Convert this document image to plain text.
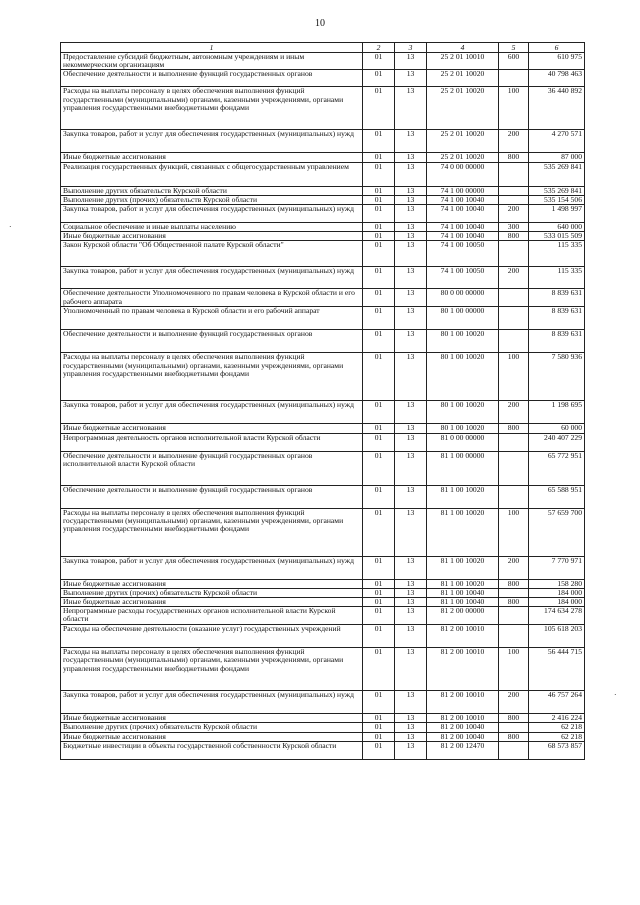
10
.
.
1	2	3	4	5	6
Предоставление субсидий бюджетным, автономным учреждениям и иным некоммерческим организациям	01	13	25 2 01 10010	600	610 975
Обеспечение деятельности и выполнение функций государственных органов	01	13	25 2 01 10020		40 798 463
Расходы на выплаты персоналу в целях обеспечения выполнения функций государственными (муниципальными) органами, казенными учреждениями, органами управления государственными внебюджетными фондами	01	13	25 2 01 10020	100	36 440 892
Закупка товаров, работ и услуг для обеспечения государственных (муниципальных) нужд	01	13	25 2 01 10020	200	4 270 571
Иные бюджетные ассигнования	01	13	25 2 01 10020	800	87 000
Реализация государственных функций, связанных с общегосударственным управлением	01	13	74 0 00 00000		535 269 841
Выполнение других обязательств Курской области	01	13	74 1 00 00000		535 269 841
Выполнение других (прочих) обязательств Курской области	01	13	74 1 00 10040		535 154 506
Закупка товаров, работ и услуг для обеспечения государственных (муниципальных) нужд	01	13	74 1 00 10040	200	1 498 997
Социальное обеспечение и иные выплаты населению	01	13	74 1 00 10040	300	640 000
Иные бюджетные ассигнования	01	13	74 1 00 10040	800	533 015 509
Закон Курской области "Об Общественной палате Курской области"	01	13	74 1 00 10050		115 335
Закупка товаров, работ и услуг для обеспечения государственных (муниципальных) нужд	01	13	74 1 00 10050	200	115 335
Обеспечение деятельности Уполномоченного по правам человека в Курской области и его рабочего аппарата	01	13	80 0 00 00000		8 839 631
Уполномоченный по правам человека в Курской области и его рабочий аппарат	01	13	80 1 00 00000		8 839 631
Обеспечение деятельности и выполнение функций государственных органов	01	13	80 1 00 10020		8 839 631
Расходы на выплаты персоналу в целях обеспечения выполнения функций государственными (муниципальными) органами, казенными учреждениями, органами управления государственными внебюджетными фондами	01	13	80 1 00 10020	100	7 580 936
Закупка товаров, работ и услуг для обеспечения государственных (муниципальных) нужд	01	13	80 1 00 10020	200	1 198 695
Иные бюджетные ассигнования	01	13	80 1 00 10020	800	60 000
Непрограммная деятельность органов исполнительной власти Курской области	01	13	81 0 00 00000		240 407 229
Обеспечение деятельности и выполнение функций государственных органов исполнительной власти Курской области	01	13	81 1 00 00000		65 772 951
Обеспечение деятельности и выполнение функций государственных органов	01	13	81 1 00 10020		65 588 951
Расходы на выплаты персоналу в целях обеспечения выполнения функций государственными (муниципальными) органами, казенными учреждениями, органами управления государственными внебюджетными фондами	01	13	81 1 00 10020	100	57 659 700
Закупка товаров, работ и услуг для обеспечения государственных (муниципальных) нужд	01	13	81 1 00 10020	200	7 770 971
Иные бюджетные ассигнования	01	13	81 1 00 10020	800	158 280
Выполнение других (прочих) обязательств Курской области	01	13	81 1 00 10040		184 000
Иные бюджетные ассигнования	01	13	81 1 00 10040	800	184 000
Непрограммные расходы государственных органов исполнительной власти Курской области	01	13	81 2 00 00000		174 634 278
Расходы на обеспечение деятельности (оказание услуг) государственных учреждений	01	13	81 2 00 10010		105 618 203
Расходы на выплаты персоналу в целях обеспечения выполнения функций государственными (муниципальными) органами, казенными учреждениями, органами управления государственными внебюджетными фондами	01	13	81 2 00 10010	100	56 444 715
Закупка товаров, работ и услуг для обеспечения государственных (муниципальных) нужд	01	13	81 2 00 10010	200	46 757 264
Иные бюджетные ассигнования	01	13	81 2 00 10010	800	2 416 224
Выполнение других (прочих) обязательств Курской области	01	13	81 2 00 10040		62 218
Иные бюджетные ассигнования	01	13	81 2 00 10040	800	62 218
Бюджетные инвестиции в объекты государственной собственности Курской области	01	13	81 2 00 12470		68 573 857
